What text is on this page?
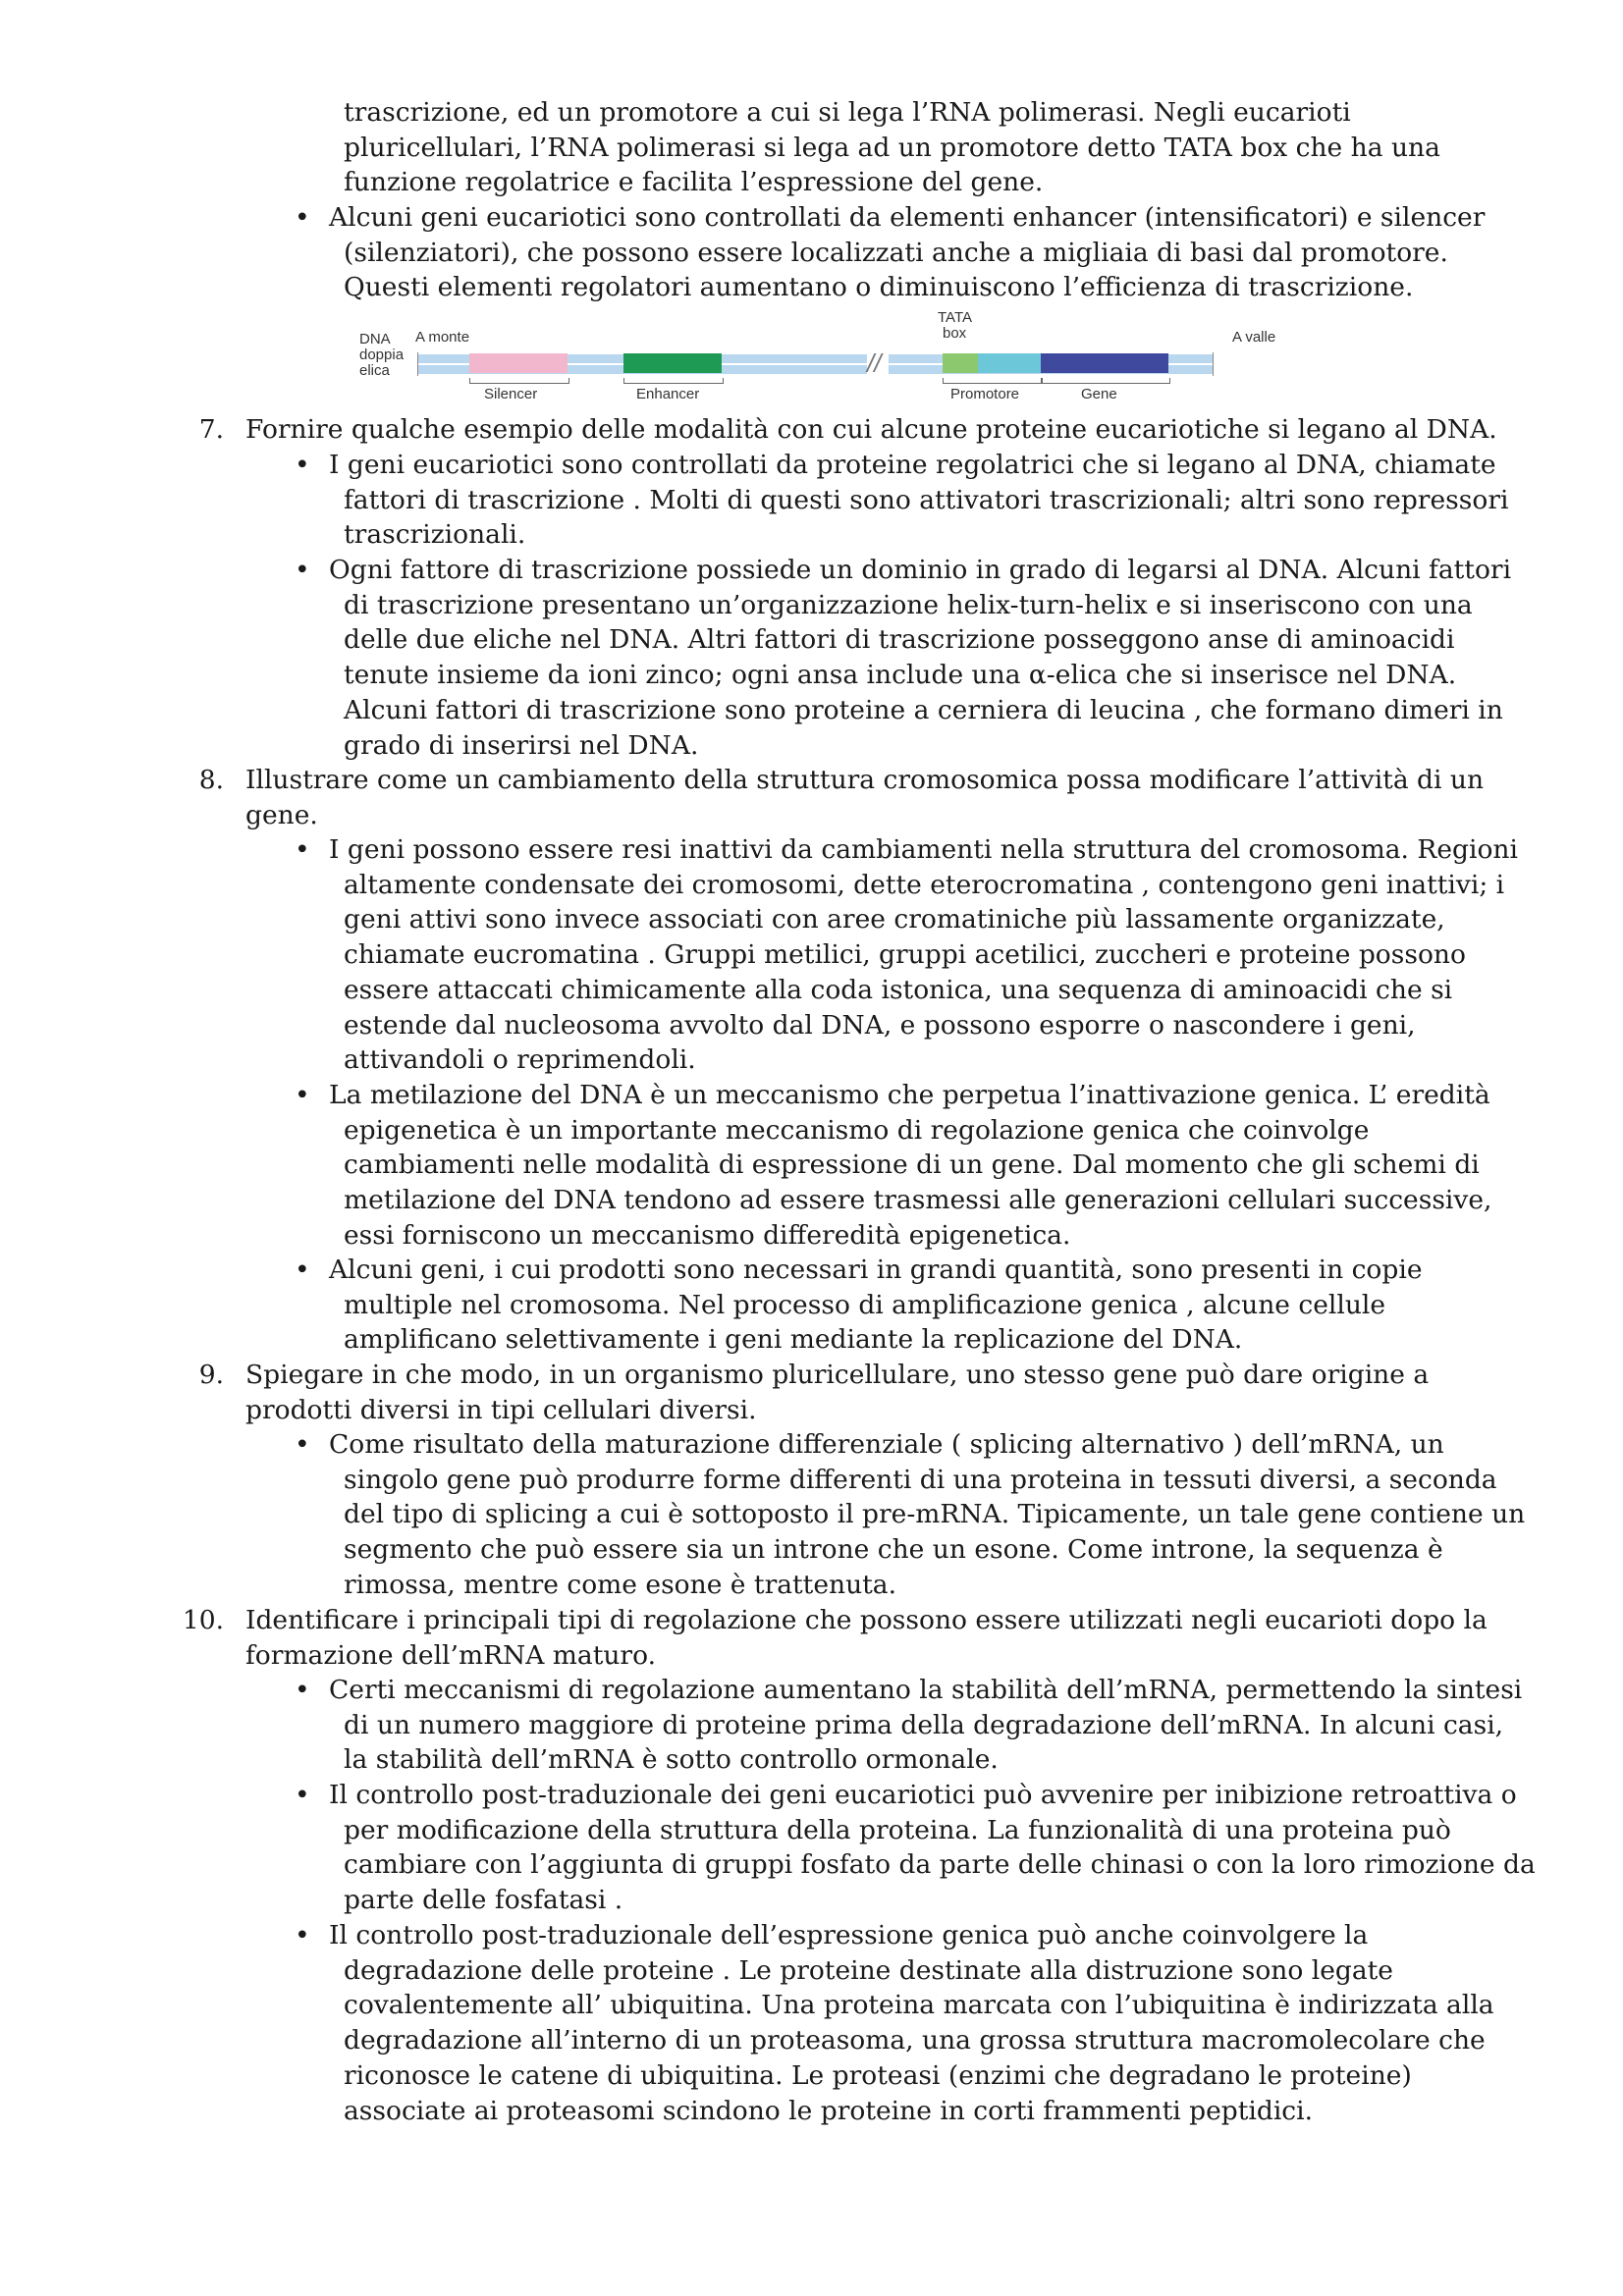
trascrizione, ed un promotore a cui si lega l’RNA polimerasi. Negli eucarioti
pluricellulari, l’RNA polimerasi si lega ad un promotore detto TATA box che ha una
funzione regolatrice e facilita l’espressione del gene.
• Alcuni geni eucariotici sono controllati da elementi enhancer (intensificatori) e silencer
(silenziatori), che possono essere localizzati anche a migliaia di basi dal promotore.
Questi elementi regolatori aumentano o diminuiscono l’efficienza di trascrizione.
DNA
doppia
elica
A monte
TATA
box	A valle
//
Silencer	Enhancer	Promotore	Gene
7. Fornire qualche esempio delle modalità con cui alcune proteine eucariotiche si legano al DNA.
• I geni eucariotici sono controllati da proteine regolatrici che si legano al DNA, chiamate
fattori di trascrizione . Molti di questi sono attivatori trascrizionali; altri sono repressori
trascrizionali.
• Ogni fattore di trascrizione possiede un dominio in grado di legarsi al DNA. Alcuni fattori
di trascrizione presentano un’organizzazione helix-turn-helix e si inseriscono con una
delle due eliche nel DNA. Altri fattori di trascrizione posseggono anse di aminoacidi
tenute insieme da ioni zinco; ogni ansa include una α-elica che si inserisce nel DNA.
Alcuni fattori di trascrizione sono proteine a cerniera di leucina , che formano dimeri in
grado di inserirsi nel DNA.
8. Illustrare come un cambiamento della struttura cromosomica possa modificare l’attività di un gene.
• I geni possono essere resi inattivi da cambiamenti nella struttura del cromosoma. Regioni
altamente condensate dei cromosomi, dette eterocromatina , contengono geni inattivi; i
geni attivi sono invece associati con aree cromatiniche più lassamente organizzate,
chiamate eucromatina . Gruppi metilici, gruppi acetilici, zuccheri e proteine possono
essere attaccati chimicamente alla coda istonica, una sequenza di aminoacidi che si
estende dal nucleosoma avvolto dal DNA, e possono esporre o nascondere i geni,
attivandoli o reprimendoli.
• La metilazione del DNA è un meccanismo che perpetua l’inattivazione genica. L’ eredità
epigenetica è un importante meccanismo di regolazione genica che coinvolge
cambiamenti nelle modalità di espressione di un gene. Dal momento che gli schemi di
metilazione del DNA tendono ad essere trasmessi alle generazioni cellulari successive,
essi forniscono un meccanismo differedità epigenetica.
• Alcuni geni, i cui prodotti sono necessari in grandi quantità, sono presenti in copie
multiple nel cromosoma. Nel processo di amplificazione genica , alcune cellule
amplificano selettivamente i geni mediante la replicazione del DNA.
9. Spiegare in che modo, in un organismo pluricellulare, uno stesso gene può dare origine a prodotti diversi in tipi cellulari diversi.
• Come risultato della maturazione differenziale ( splicing alternativo ) dell’mRNA, un
singolo gene può produrre forme differenti di una proteina in tessuti diversi, a seconda
del tipo di splicing a cui è sottoposto il pre-mRNA. Tipicamente, un tale gene contiene un
segmento che può essere sia un introne che un esone. Come introne, la sequenza è
rimossa, mentre come esone è trattenuta.
10. Identificare i principali tipi di regolazione che possono essere utilizzati negli eucarioti dopo la formazione dell’mRNA maturo.
• Certi meccanismi di regolazione aumentano la stabilità dell’mRNA, permettendo la sintesi
di un numero maggiore di proteine prima della degradazione dell’mRNA. In alcuni casi,
la stabilità dell’mRNA è sotto controllo ormonale.
• Il controllo post-traduzionale dei geni eucariotici può avvenire per inibizione retroattiva o
per modificazione della struttura della proteina. La funzionalità di una proteina può
cambiare con l’aggiunta di gruppi fosfato da parte delle chinasi o con la loro rimozione da
parte delle fosfatasi .
• Il controllo post-traduzionale dell’espressione genica può anche coinvolgere la
degradazione delle proteine . Le proteine destinate alla distruzione sono legate
covalentemente all’ ubiquitina. Una proteina marcata con l’ubiquitina è indirizzata alla
degradazione all’interno di un proteasoma, una grossa struttura macromolecolare che
riconosce le catene di ubiquitina. Le proteasi (enzimi che degradano le proteine)
associate ai proteasomi scindono le proteine in corti frammenti peptidici.
